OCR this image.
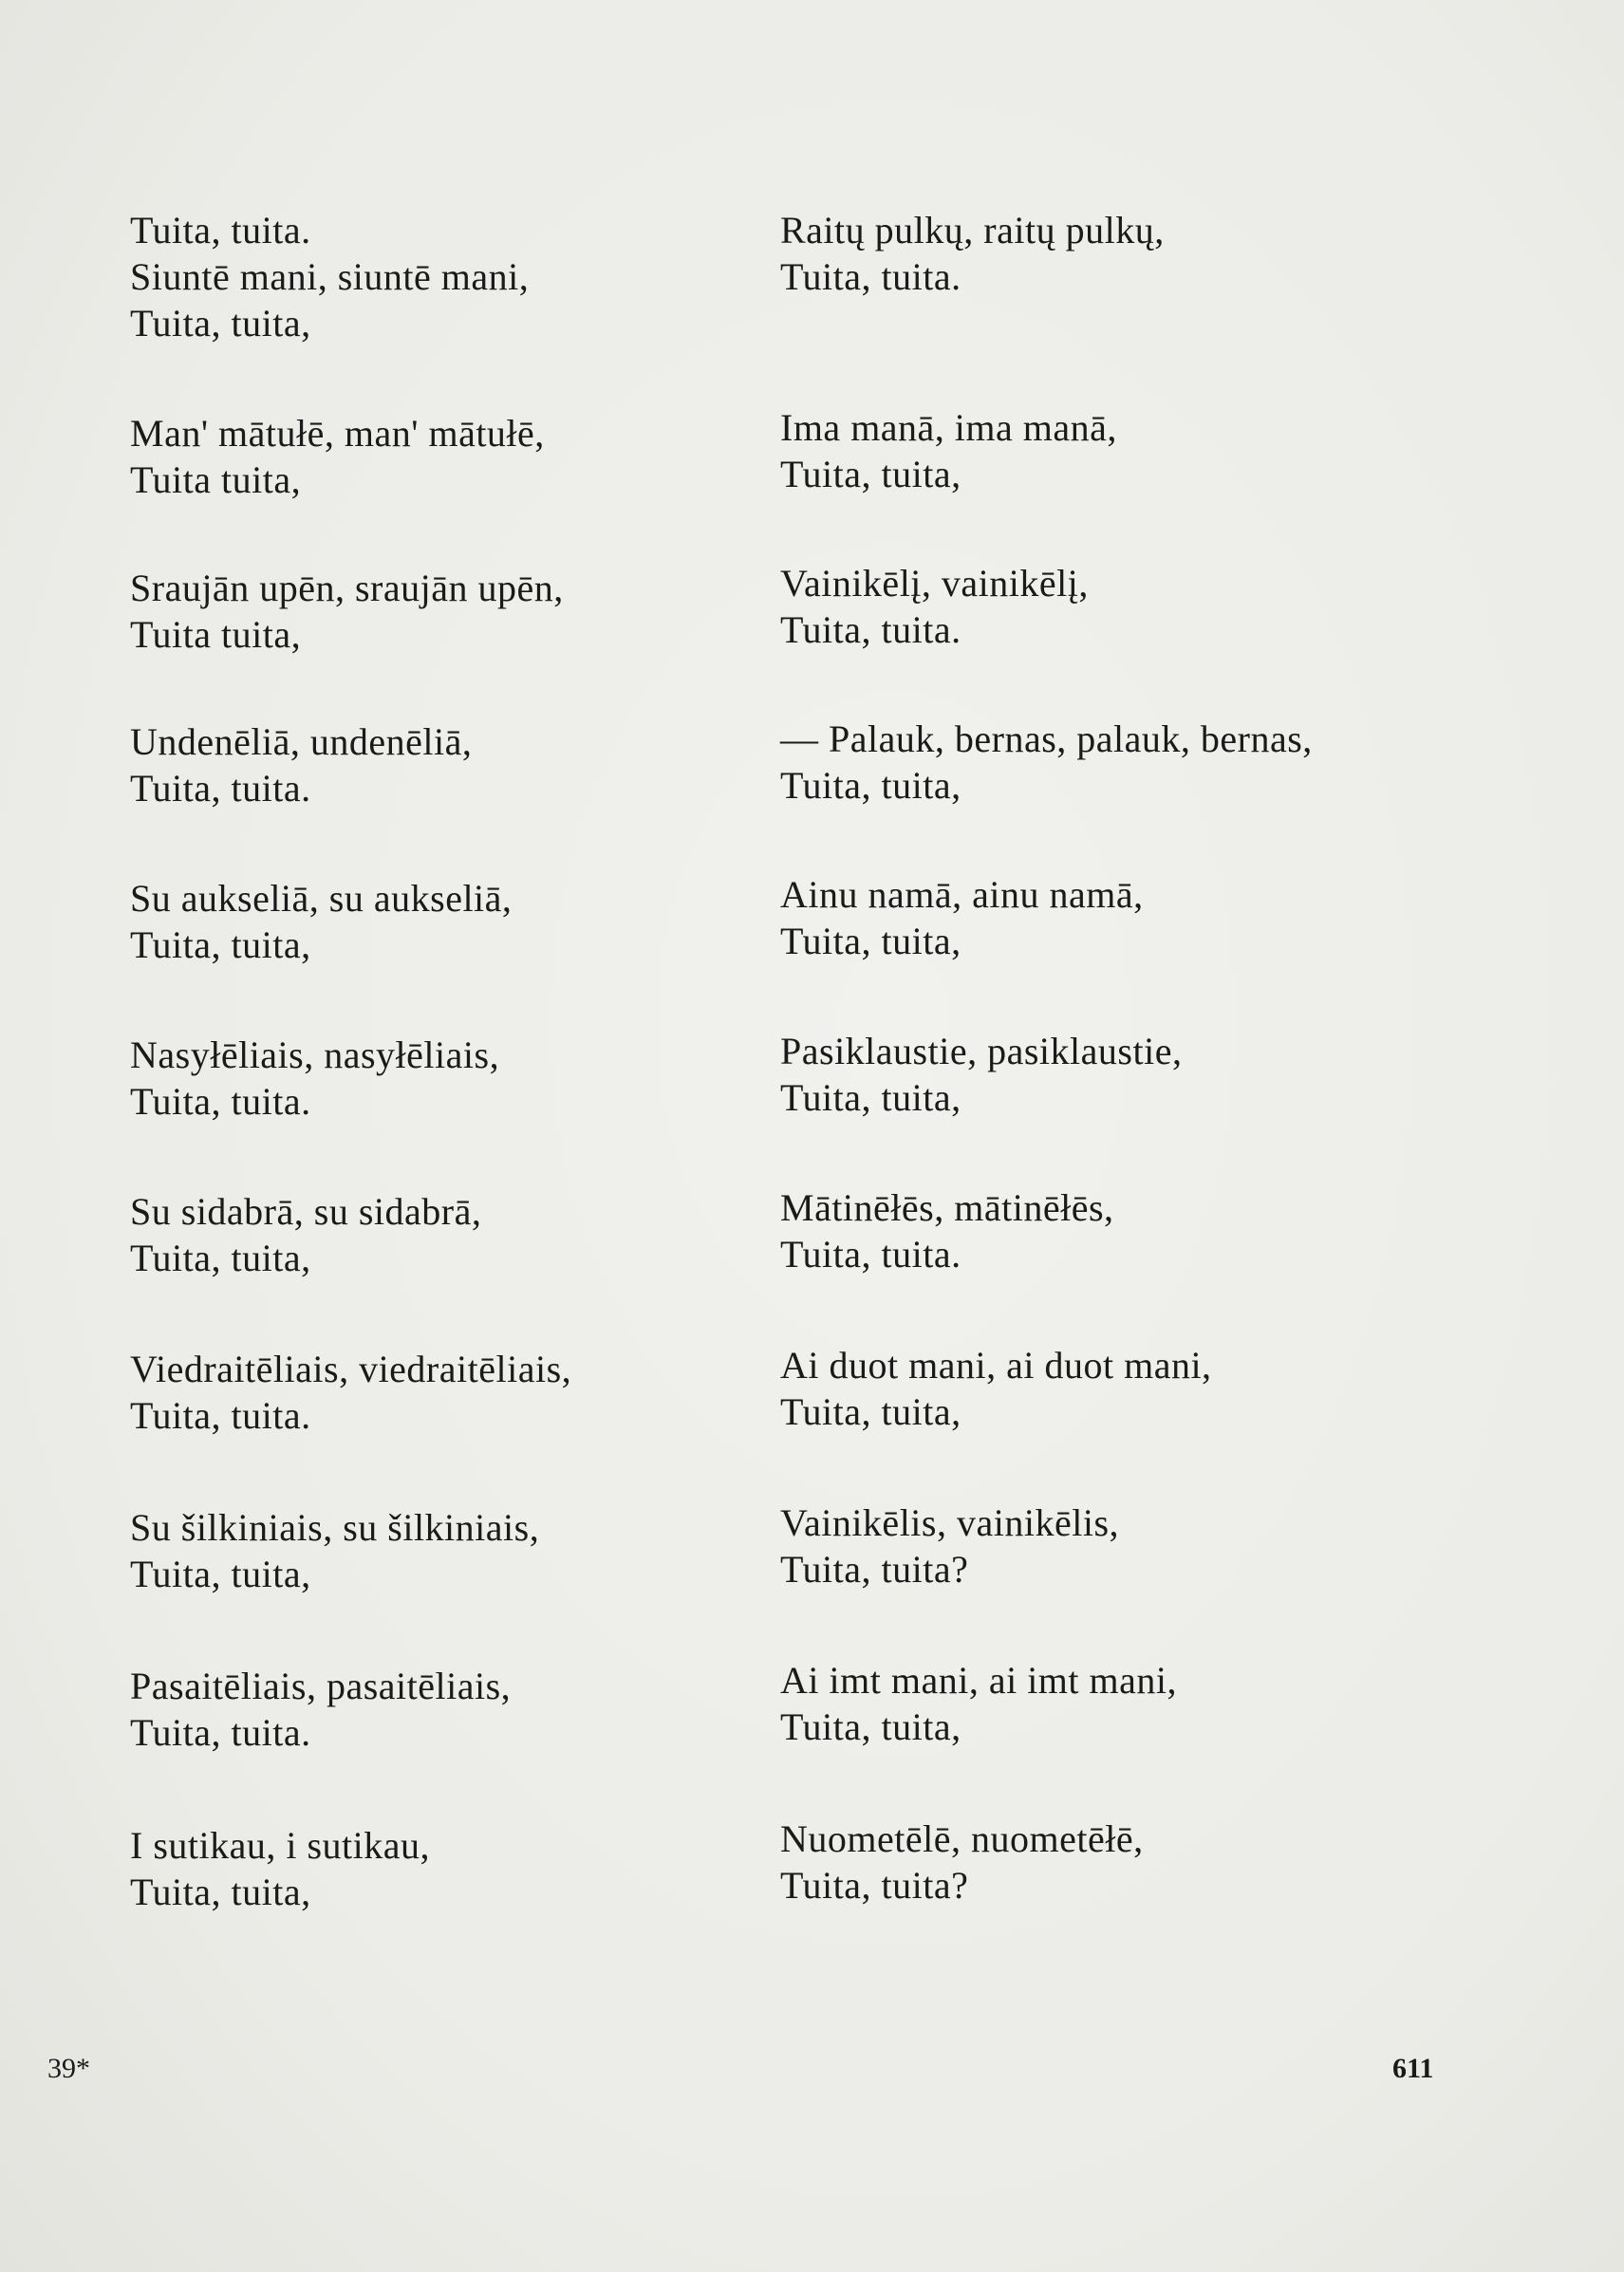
Tuita, tuita.
Siuntē mani, siuntē mani,
Tuita, tuita,
Man' mātułē, man' mātułē,
Tuita tuita,
Sraujān upēn, sraujān upēn,
Tuita tuita,
Undenēliā, undenēliā,
Tuita, tuita.
Su aukseliā, su aukseliā,
Tuita, tuita,
Nasyłēliais, nasyłēliais,
Tuita, tuita.
Su sidabrā, su sidabrā,
Tuita, tuita,
Viedraitēliais, viedraitēliais,
Tuita, tuita.
Su šilkiniais, su šilkiniais,
Tuita, tuita,
Pasaitēliais, pasaitēliais,
Tuita, tuita.
I sutikau, i sutikau,
Tuita, tuita,
Raitų pulkų, raitų pulkų,
Tuita, tuita.
Ima manā, ima manā,
Tuita, tuita,
Vainikēlį, vainikēlį,
Tuita, tuita.
— Palauk, bernas, palauk, bernas,
Tuita, tuita,
Ainu namā, ainu namā,
Tuita, tuita,
Pasiklaustie, pasiklaustie,
Tuita, tuita,
Mātinēłēs, mātinēłēs,
Tuita, tuita.
Ai duot mani, ai duot mani,
Tuita, tuita,
Vainikēlis, vainikēlis,
Tuita, tuita?
Ai imt mani, ai imt mani,
Tuita, tuita,
Nuometēlē, nuometēłē,
Tuita, tuita?
39*	611
